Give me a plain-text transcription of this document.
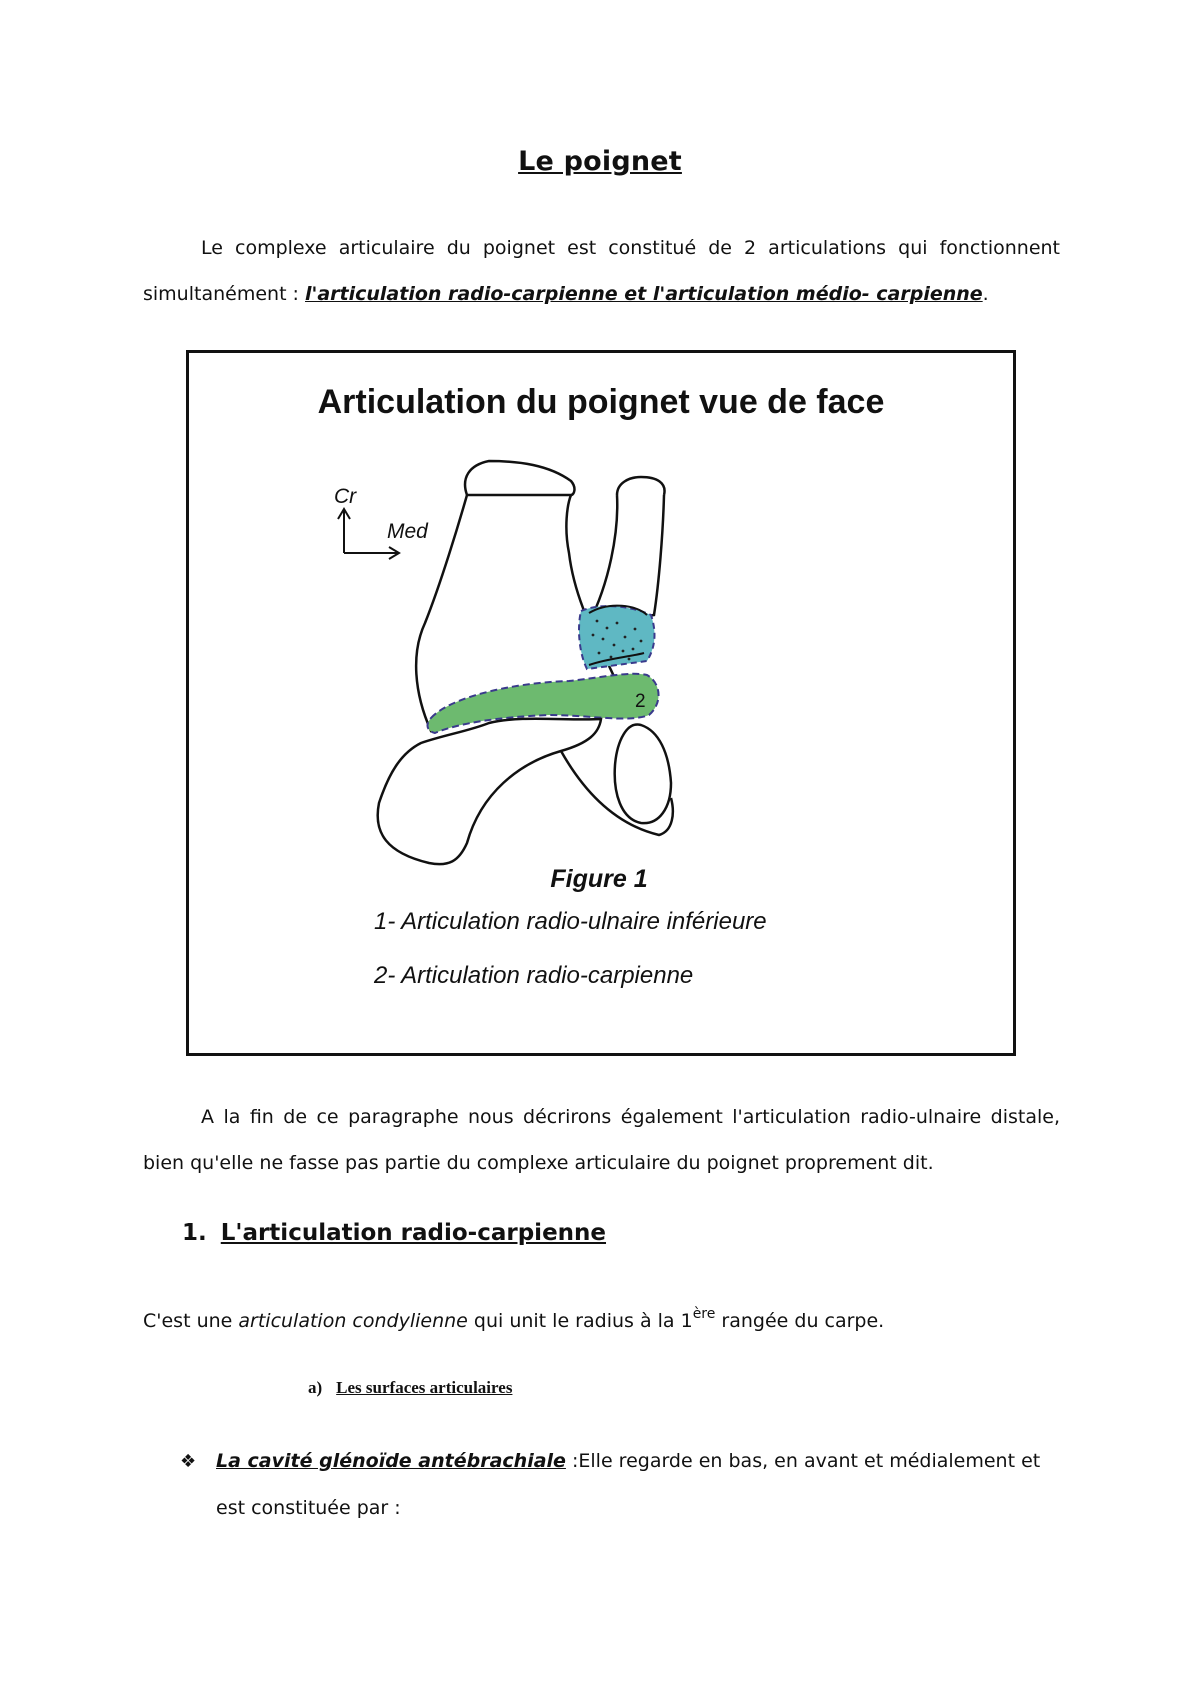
Le poignet

Le complexe articulaire du poignet est constitué de 2 articulations qui fonctionnent simultanément : l'articulation radio-carpienne et l'articulation médio- carpienne.

Articulation du poignet vue de face
Cr
Med
2
Figure 1
1- Articulation radio-ulnaire inférieure
2- Articulation radio-carpienne

A la fin de ce paragraphe nous décrirons également l'articulation radio-ulnaire distale, bien qu'elle ne fasse pas partie du complexe articulaire du poignet proprement dit.

1. L'articulation radio-carpienne

C'est une articulation condylienne qui unit le radius à la 1ère rangée du carpe.

a) Les surfaces articulaires
❖ La cavité glénoïde antébrachiale :Elle regarde en bas, en avant et médialement et est constituée par :
